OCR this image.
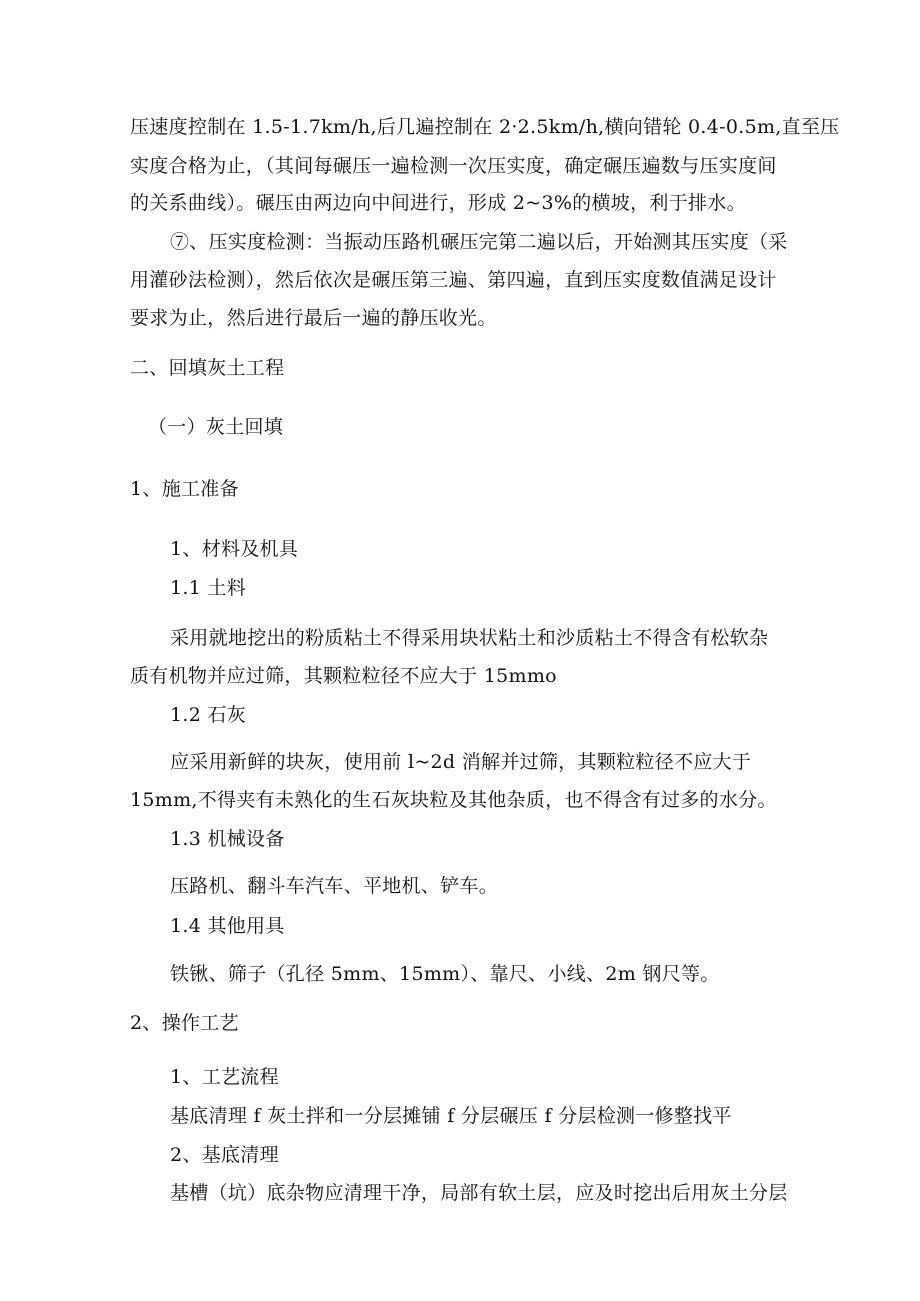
压速度控制在 1.5-1.7km/h,后几遍控制在 2·2.5km/h,横向错轮 0.4-0.5m,直至压
实度合格为止，（其间每碾压一遍检测一次压实度，确定碾压遍数与压实度间
的关系曲线）。碾压由两边向中间进行，形成 2~3%的横坡，利于排水。
⑦、压实度检测：当振动压路机碾压完第二遍以后，开始测其压实度（采
用灌砂法检测），然后依次是碾压第三遍、第四遍，直到压实度数值满足设计
要求为止，然后进行最后一遍的静压收光。
二、回填灰土工程
（一）灰土回填
1、施工准备
1、材料及机具
1.1 土料
采用就地挖出的粉质粘土不得采用块状粘土和沙质粘土不得含有松软杂
质有机物并应过筛，其颗粒粒径不应大于 15mmo
1.2 石灰
应采用新鲜的块灰，使用前 l~2d 消解并过筛，其颗粒粒径不应大于
15mm,不得夹有未熟化的生石灰块粒及其他杂质，也不得含有过多的水分。
1.3 机械设备
压路机、翻斗车汽车、平地机、铲车。
1.4 其他用具
铁锹、筛子（孔径 5mm、15mm）、靠尺、小线、2m 钢尺等。
2、操作工艺
1、工艺流程
基底清理 f 灰土拌和一分层摊铺 f 分层碾压 f 分层检测一修整找平
2、基底清理
基槽（坑）底杂物应清理干净，局部有软土层，应及时挖出后用灰土分层
